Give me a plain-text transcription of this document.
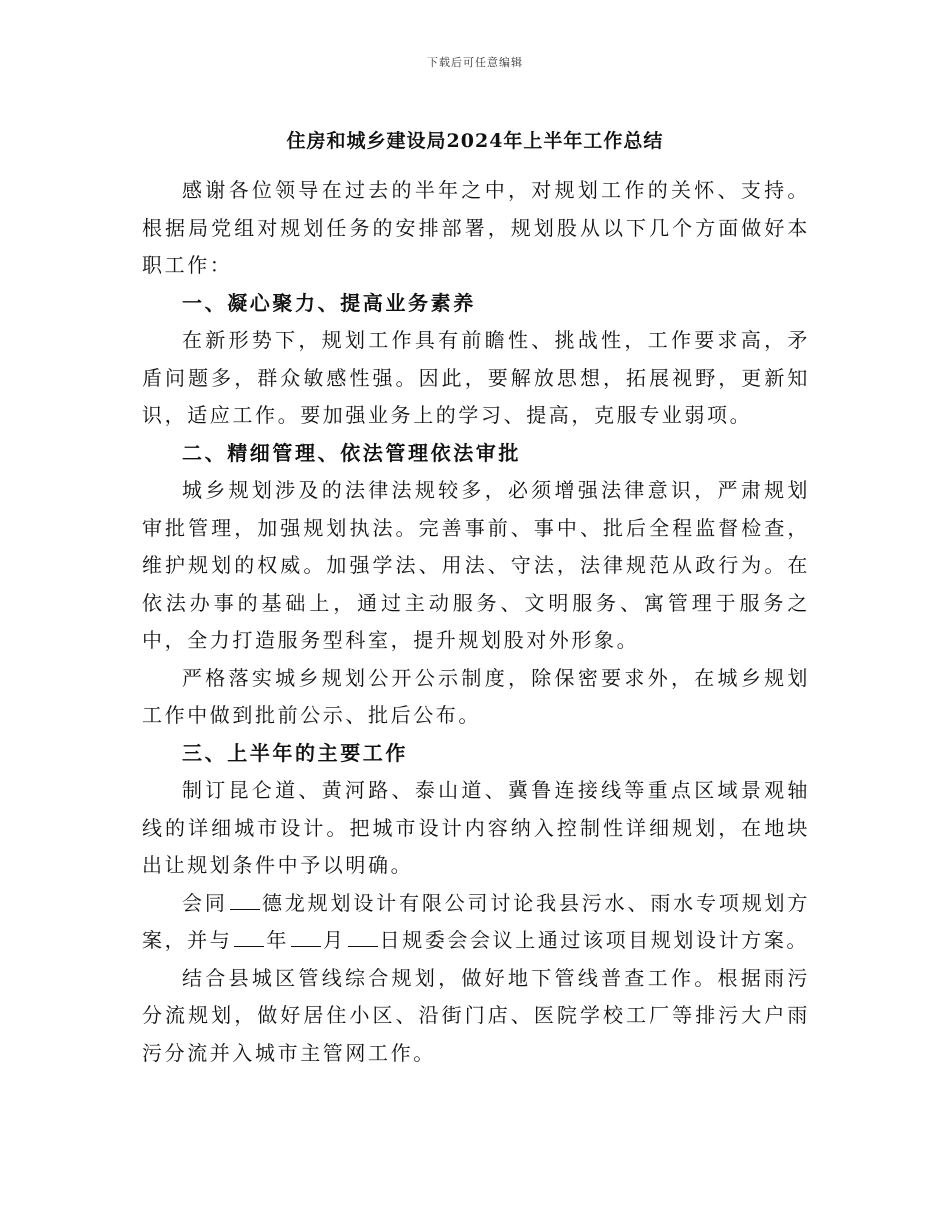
下载后可任意编辑
住房和城乡建设局2024年上半年工作总结

感谢各位领导在过去的半年之中，对规划工作的关怀、支持。根据局党组对规划任务的安排部署，规划股从以下几个方面做好本职工作：

一、凝心聚力、提高业务素养

在新形势下，规划工作具有前瞻性、挑战性，工作要求高，矛盾问题多，群众敏感性强。因此，要解放思想，拓展视野，更新知识，适应工作。要加强业务上的学习、提高，克服专业弱项。

二、精细管理、依法管理依法审批

城乡规划涉及的法律法规较多，必须增强法律意识，严肃规划审批管理，加强规划执法。完善事前、事中、批后全程监督检查，维护规划的权威。加强学法、用法、守法，法律规范从政行为。在依法办事的基础上，通过主动服务、文明服务、寓管理于服务之中，全力打造服务型科室，提升规划股对外形象。

严格落实城乡规划公开公示制度，除保密要求外，在城乡规划工作中做到批前公示、批后公布。

三、上半年的主要工作

制订昆仑道、黄河路、泰山道、冀鲁连接线等重点区域景观轴线的详细城市设计。把城市设计内容纳入控制性详细规划，在地块出让规划条件中予以明确。

会同 德龙规划设计有限公司讨论我县污水、雨水专项规划方案，并与 年 月 日规委会会议上通过该项目规划设计方案。

结合县城区管线综合规划，做好地下管线普查工作。根据雨污分流规划，做好居住小区、沿街门店、医院学校工厂等排污大户雨污分流并入城市主管网工作。
